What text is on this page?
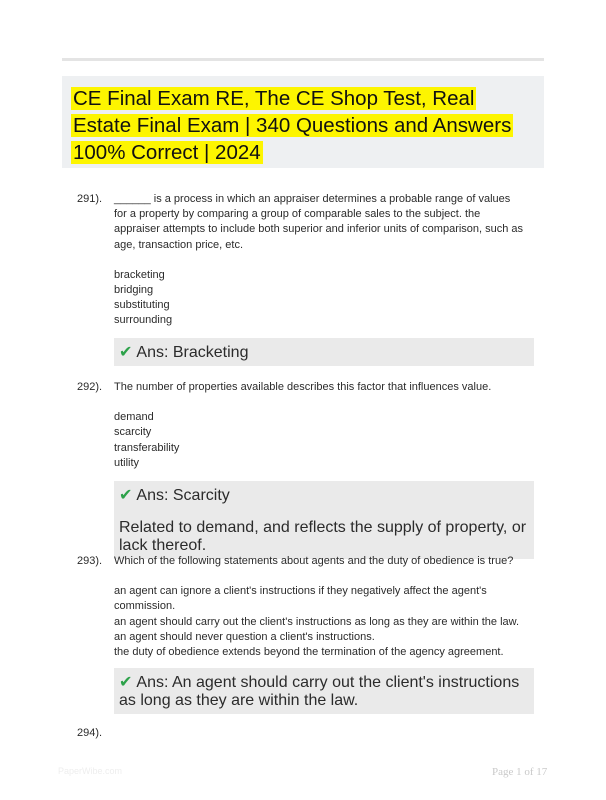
CE Final Exam RE, The CE Shop Test, Real Estate Final Exam | 340 Questions and Answers 100% Correct | 2024
291). ______ is a process in which an appraiser determines a probable range of values for a property by comparing a group of comparable sales to the subject. the appraiser attempts to include both superior and inferior units of comparison, such as age, transaction price, etc.

bracketing
bridging
substituting
surrounding
✔ Ans: Bracketing
292). The number of properties available describes this factor that influences value.

demand
scarcity
transferability
utility
✔ Ans: Scarcity
Related to demand, and reflects the supply of property, or lack thereof.
293). Which of the following statements about agents and the duty of obedience is true?

an agent can ignore a client's instructions if they negatively affect the agent's commission.
an agent should carry out the client's instructions as long as they are within the law.
an agent should never question a client's instructions.
the duty of obedience extends beyond the termination of the agency agreement.
✔ Ans: An agent should carry out the client's instructions as long as they are within the law.
294).
PaperWibe.com	Page 1 of 17
